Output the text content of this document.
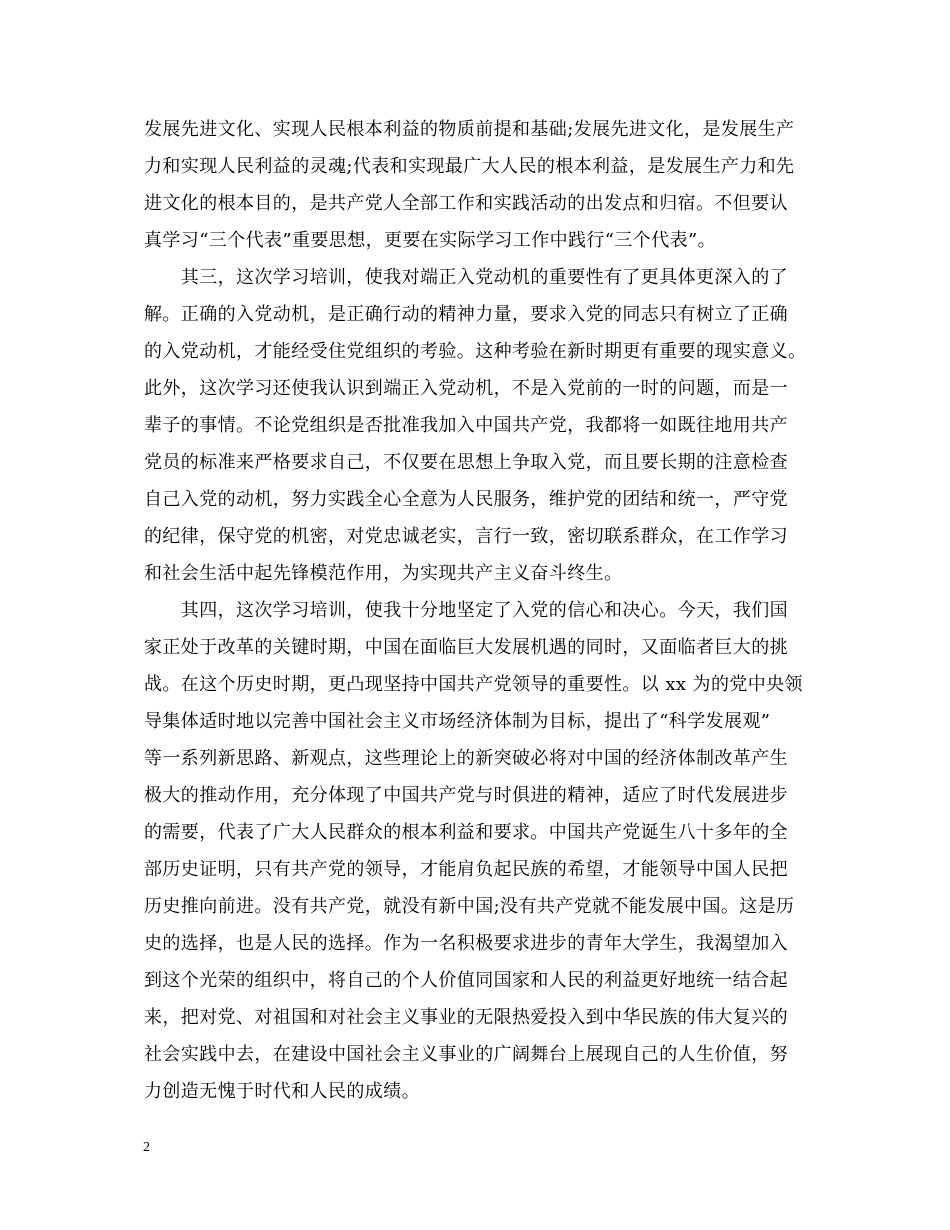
发展先进文化、实现人民根本利益的物质前提和基础;发展先进文化，是发展生产
力和实现人民利益的灵魂;代表和实现最广大人民的根本利益，是发展生产力和先
进文化的根本目的，是共产党人全部工作和实践活动的出发点和归宿。不但要认
真学习“三个代表”重要思想，更要在实际学习工作中践行“三个代表”。
　　其三，这次学习培训，使我对端正入党动机的重要性有了更具体更深入的了
解。正确的入党动机，是正确行动的精神力量，要求入党的同志只有树立了正确
的入党动机，才能经受住党组织的考验。这种考验在新时期更有重要的现实意义。
此外，这次学习还使我认识到端正入党动机，不是入党前的一时的问题，而是一
辈子的事情。不论党组织是否批准我加入中国共产党，我都将一如既往地用共产
党员的标准来严格要求自己，不仅要在思想上争取入党，而且要长期的注意检查
自己入党的动机，努力实践全心全意为人民服务，维护党的团结和统一，严守党
的纪律，保守党的机密，对党忠诚老实，言行一致，密切联系群众，在工作学习
和社会生活中起先锋模范作用，为实现共产主义奋斗终生。
　　其四，这次学习培训，使我十分地坚定了入党的信心和决心。今天，我们国
家正处于改革的关键时期，中国在面临巨大发展机遇的同时，又面临者巨大的挑
战。在这个历史时期，更凸现坚持中国共产党领导的重要性。以 xx 为的党中央领
导集体适时地以完善中国社会主义市场经济体制为目标，提出了“科学发展观”
等一系列新思路、新观点，这些理论上的新突破必将对中国的经济体制改革产生
极大的推动作用，充分体现了中国共产党与时俱进的精神，适应了时代发展进步
的需要，代表了广大人民群众的根本利益和要求。中国共产党诞生八十多年的全
部历史证明，只有共产党的领导，才能肩负起民族的希望，才能领导中国人民把
历史推向前进。没有共产党，就没有新中国;没有共产党就不能发展中国。这是历
史的选择，也是人民的选择。作为一名积极要求进步的青年大学生，我渴望加入
到这个光荣的组织中，将自己的个人价值同国家和人民的利益更好地统一结合起
来，把对党、对祖国和对社会主义事业的无限热爱投入到中华民族的伟大复兴的
社会实践中去，在建设中国社会主义事业的广阔舞台上展现自己的人生价值，努
力创造无愧于时代和人民的成绩。
2
